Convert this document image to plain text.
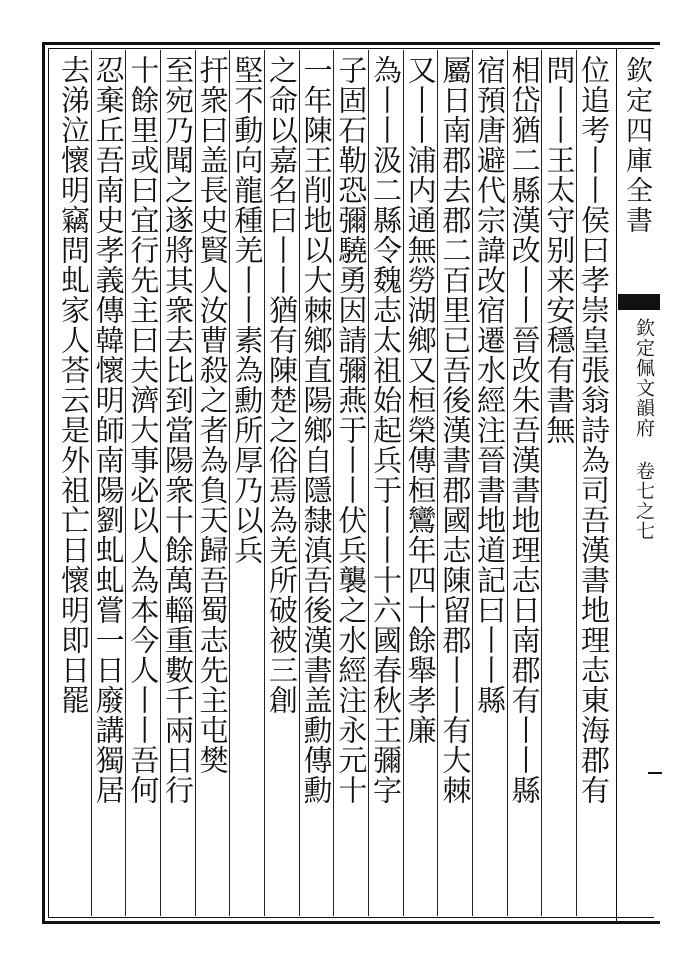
欽定四庫全書
欽定佩文韻府 卷七之七
位追考丨丨侯曰孝崇皇張翁詩為司吾漢書地理志東海郡有
問丨丨王太守别来安穩有書無
相岱猶二縣漢改丨丨晉改朱吾漢書地理志日南郡有丨丨縣
宿預唐避代宗諱改宿遷水經注晉書地道記曰丨丨縣
屬日南郡去郡二百里已吾後漢書郡國志陳留郡丨丨有大棘
又丨丨浦内通無勞湖鄉又桓榮傳桓鸞年四十餘舉孝廉
為丨丨汲二縣令魏志太祖始起兵于丨丨十六國春秋王彌字
子固石勒恐彌驍勇因請彌燕于丨丨伏兵襲之水經注永元十
一年陳王削地以大棘鄉直陽鄉自隱隸滇吾後漢書盖勳傳勳
之命以嘉名曰丨丨猶有陳楚之俗焉為羌所破被三創
堅不動向龍種羌丨丨素為勳所厚乃以兵
扞衆曰盖長史賢人汝曹殺之者為負天歸吾蜀志先主屯樊
至宛乃聞之遂將其衆去比到當陽衆十餘萬輜重數千兩日行
十餘里或曰宜行先主曰夫濟大事必以人為本今人丨丨吾何
忍棄丘吾南史孝義傳韓懷明師南陽劉虬虬嘗一日廢講獨居
去涕泣懷明竊問虬家人荅云是外祖亡日懷明即日罷
